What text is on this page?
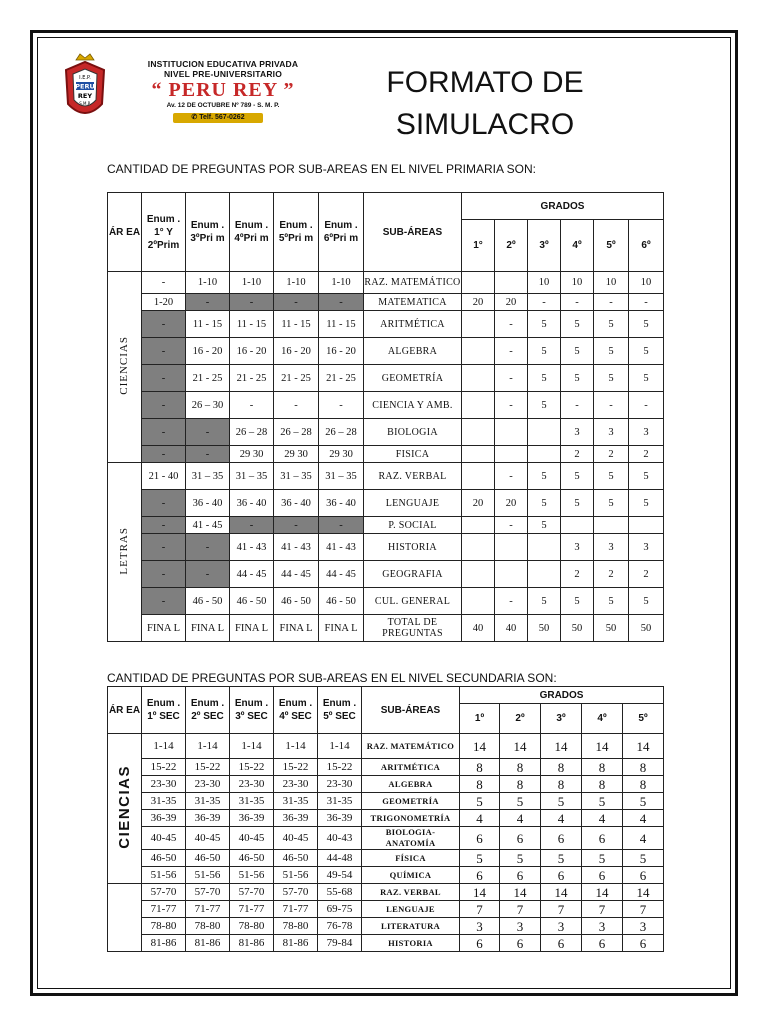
I.E.P.
PERU
REY
S.M.P.
INSTITUCION EDUCATIVA PRIVADA
NIVEL PRE-UNIVERSITARIO
“ PERU REY ”
Av. 12 DE OCTUBRE Nº 789 - S. M. P.
✆ Telf. 567-0262
FORMATO DE
SIMULACRO
CANTIDAD DE PREGUNTAS POR SUB-AREAS EN EL NIVEL PRIMARIA SON:
ÁR EA	Enum . 1° Y 2ºPrim	Enum . 3ºPri m	Enum . 4ºPri m	Enum . 5ºPri m	Enum . 6ºPri m	SUB-ÁREAS	GRADOS					
							1°	2º	3º	4º	5º	6º
CIENCIAS	-	1-10	1-10	1-10	1-10	RAZ. MATEMÁTICO			10	10	10	10
	1-20	-	-	-	-	MATEMATICA	20	20	-	-	-	-
	-	11 - 15	11 - 15	11 - 15	11 - 15	ARITMÉTICA		-	5	5	5	5
	-	16 - 20	16 - 20	16 - 20	16 - 20	ALGEBRA		-	5	5	5	5
	-	21 - 25	21 - 25	21 - 25	21 - 25	GEOMETRÍA		-	5	5	5	5
	-	26 – 30	-	-	-	CIENCIA Y AMB.		-	5	-	-	-
	-	-	26 – 28	26 – 28	26 – 28	BIOLOGIA				3	3	3
	-	-	29 30	29 30	29 30	FISICA				2	2	2
LETRAS	21 - 40	31 – 35	31 – 35	31 – 35	31 – 35	RAZ. VERBAL		-	5	5	5	5
	-	36 - 40	36 - 40	36 - 40	36 - 40	LENGUAJE	20	20	5	5	5	5
	-	41 - 45	-	-	-	P. SOCIAL		-	5			
	-	-	41 - 43	41 - 43	41 - 43	HISTORIA				3	3	3
	-	-	44 - 45	44 - 45	44 - 45	GEOGRAFIA				2	2	2
	-	46 - 50	46 - 50	46 - 50	46 - 50	CUL. GENERAL		-	5	5	5	5
	FINA L	FINA L	FINA L	FINA L	FINA L	TOTAL DE PREGUNTAS	40	40	50	50	50	50
CANTIDAD DE PREGUNTAS POR SUB-AREAS EN EL NIVEL SECUNDARIA SON:
ÁR EA	Enum . 1º SEC	Enum . 2º SEC	Enum . 3º SEC	Enum . 4º SEC	Enum . 5º SEC	SUB-ÁREAS	GRADOS				
							1º	2º	3º	4º	5º
CIENCIAS	1-14	1-14	1-14	1-14	1-14	RAZ. MATEMÁTICO	14	14	14	14	14
	15-22	15-22	15-22	15-22	15-22	ARITMÉTICA	8	8	8	8	8
	23-30	23-30	23-30	23-30	23-30	ALGEBRA	8	8	8	8	8
	31-35	31-35	31-35	31-35	31-35	GEOMETRÍA	5	5	5	5	5
	36-39	36-39	36-39	36-39	36-39	TRIGONOMETRÍA	4	4	4	4	4
	40-45	40-45	40-45	40-45	40-43	BIOLOGIA- ANATOMÍA	6	6	6	6	4
	46-50	46-50	46-50	46-50	44-48	FÍSICA	5	5	5	5	5
	51-56	51-56	51-56	51-56	49-54	QUÍMICA	6	6	6	6	6
	57-70	57-70	57-70	57-70	55-68	RAZ. VERBAL	14	14	14	14	14
	71-77	71-77	71-77	71-77	69-75	LENGUAJE	7	7	7	7	7
	78-80	78-80	78-80	78-80	76-78	LITERATURA	3	3	3	3	3
	81-86	81-86	81-86	81-86	79-84	HISTORIA	6	6	6	6	6
